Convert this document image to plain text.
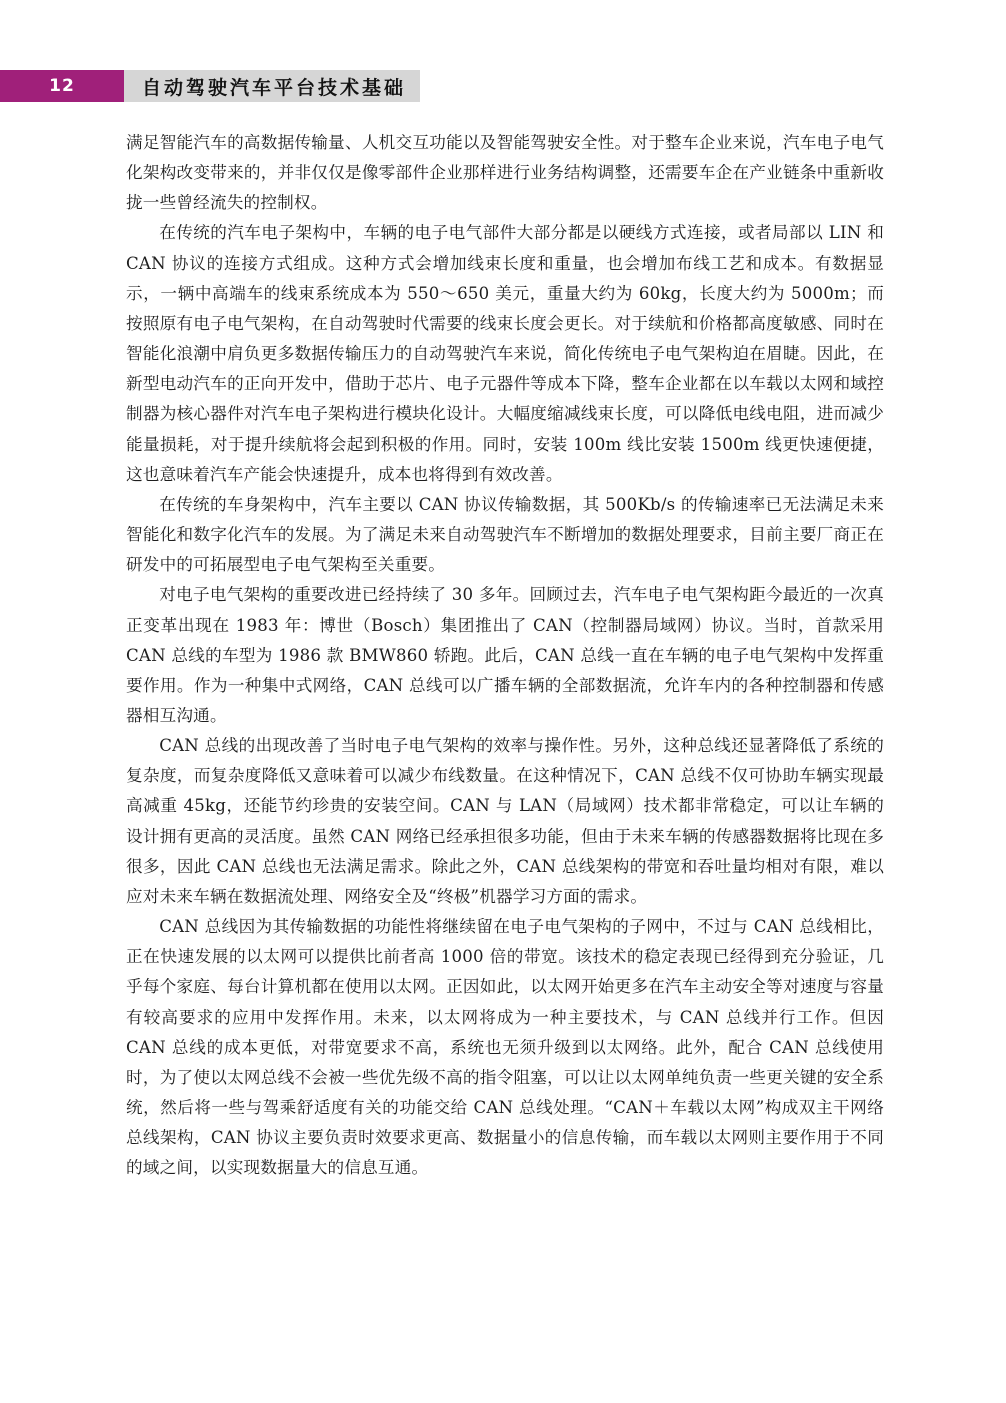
12	自动驾驶汽车平台技术基础

满足智能汽车的高数据传输量、人机交互功能以及智能驾驶安全性。对于整车企业来说，汽车电子电气化架构改变带来的，并非仅仅是像零部件企业那样进行业务结构调整，还需要车企在产业链条中重新收拢一些曾经流失的控制权。

在传统的汽车电子架构中，车辆的电子电气部件大部分都是以硬线方式连接，或者局部以 LIN 和 CAN 协议的连接方式组成。这种方式会增加线束长度和重量，也会增加布线工艺和成本。有数据显示，一辆中高端车的线束系统成本为 550～650 美元，重量大约为 60kg，长度大约为 5000m；而按照原有电子电气架构，在自动驾驶时代需要的线束长度会更长。对于续航和价格都高度敏感、同时在智能化浪潮中肩负更多数据传输压力的自动驾驶汽车来说，简化传统电子电气架构迫在眉睫。因此，在新型电动汽车的正向开发中，借助于芯片、电子元器件等成本下降，整车企业都在以车载以太网和域控制器为核心器件对汽车电子架构进行模块化设计。大幅度缩减线束长度，可以降低电线电阻，进而减少能量损耗，对于提升续航将会起到积极的作用。同时，安装 100m 线比安装 1500m 线更快速便捷，这也意味着汽车产能会快速提升，成本也将得到有效改善。

在传统的车身架构中，汽车主要以 CAN 协议传输数据，其 500Kb/s 的传输速率已无法满足未来智能化和数字化汽车的发展。为了满足未来自动驾驶汽车不断增加的数据处理要求，目前主要厂商正在研发中的可拓展型电子电气架构至关重要。

对电子电气架构的重要改进已经持续了 30 多年。回顾过去，汽车电子电气架构距今最近的一次真正变革出现在 1983 年：博世（Bosch）集团推出了 CAN（控制器局域网）协议。当时，首款采用 CAN 总线的车型为 1986 款 BMW860 轿跑。此后，CAN 总线一直在车辆的电子电气架构中发挥重要作用。作为一种集中式网络，CAN 总线可以广播车辆的全部数据流，允许车内的各种控制器和传感器相互沟通。

CAN 总线的出现改善了当时电子电气架构的效率与操作性。另外，这种总线还显著降低了系统的复杂度，而复杂度降低又意味着可以减少布线数量。在这种情况下，CAN 总线不仅可协助车辆实现最高减重 45kg，还能节约珍贵的安装空间。CAN 与 LAN（局域网）技术都非常稳定，可以让车辆的设计拥有更高的灵活度。虽然 CAN 网络已经承担很多功能，但由于未来车辆的传感器数据将比现在多很多，因此 CAN 总线也无法满足需求。除此之外，CAN 总线架构的带宽和吞吐量均相对有限，难以应对未来车辆在数据流处理、网络安全及“终极”机器学习方面的需求。

CAN 总线因为其传输数据的功能性将继续留在电子电气架构的子网中，不过与 CAN 总线相比，正在快速发展的以太网可以提供比前者高 1000 倍的带宽。该技术的稳定表现已经得到充分验证，几乎每个家庭、每台计算机都在使用以太网。正因如此，以太网开始更多在汽车主动安全等对速度与容量有较高要求的应用中发挥作用。未来，以太网将成为一种主要技术，与 CAN 总线并行工作。但因 CAN 总线的成本更低，对带宽要求不高，系统也无须升级到以太网络。此外，配合 CAN 总线使用时，为了使以太网总线不会被一些优先级不高的指令阻塞，可以让以太网单纯负责一些更关键的安全系统，然后将一些与驾乘舒适度有关的功能交给 CAN 总线处理。“CAN＋车载以太网”构成双主干网络总线架构，CAN 协议主要负责时效要求更高、数据量小的信息传输，而车载以太网则主要作用于不同的域之间，以实现数据量大的信息互通。
